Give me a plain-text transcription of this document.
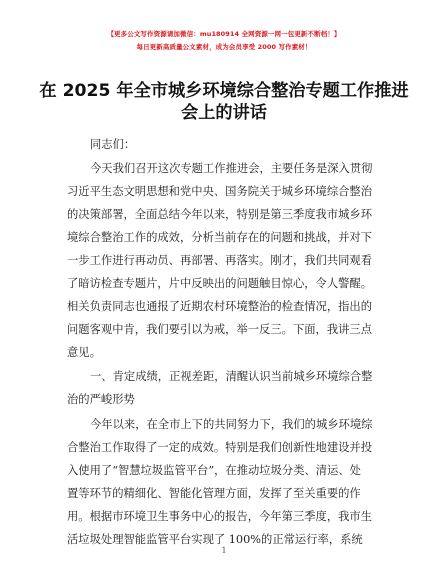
【更多公文写作资源请加微信：mu180914 全网资源一网一包更新不断档！】
每日更新高质量公文素材，成为会员享受 2000 写作素材！
在 2025 年全市城乡环境综合整治专题工作推进
会上的讲话
同志们：
今天我们召开这次专题工作推进会，主要任务是深入贯彻
习近平生态文明思想和党中央、国务院关于城乡环境综合整治
的决策部署，全面总结今年以来，特别是第三季度我市城乡环
境综合整治工作的成效，分析当前存在的问题和挑战，并对下
一步工作进行再动员、再部署、再落实。刚才，我们共同观看
了暗访检查专题片，片中反映出的问题触目惊心，令人警醒。
相关负责同志也通报了近期农村环境整治的检查情况，指出的
问题客观中肯，我们要引以为戒，举一反三。下面，我讲三点
意见。
一、肯定成绩，正视差距，清醒认识当前城乡环境综合整
治的严峻形势
今年以来，在全市上下的共同努力下，我们的城乡环境综
合整治工作取得了一定的成效。特别是我们创新性地建设并投
入使用了“智慧垃圾监管平台”，在推动垃圾分类、清运、处
置等环节的精细化、智能化管理方面，发挥了至关重要的作
用。根据市环境卫生事务中心的报告，今年第三季度，我市生
活垃圾处理智能监管平台实现了 100%的正常运行率，系统
1
